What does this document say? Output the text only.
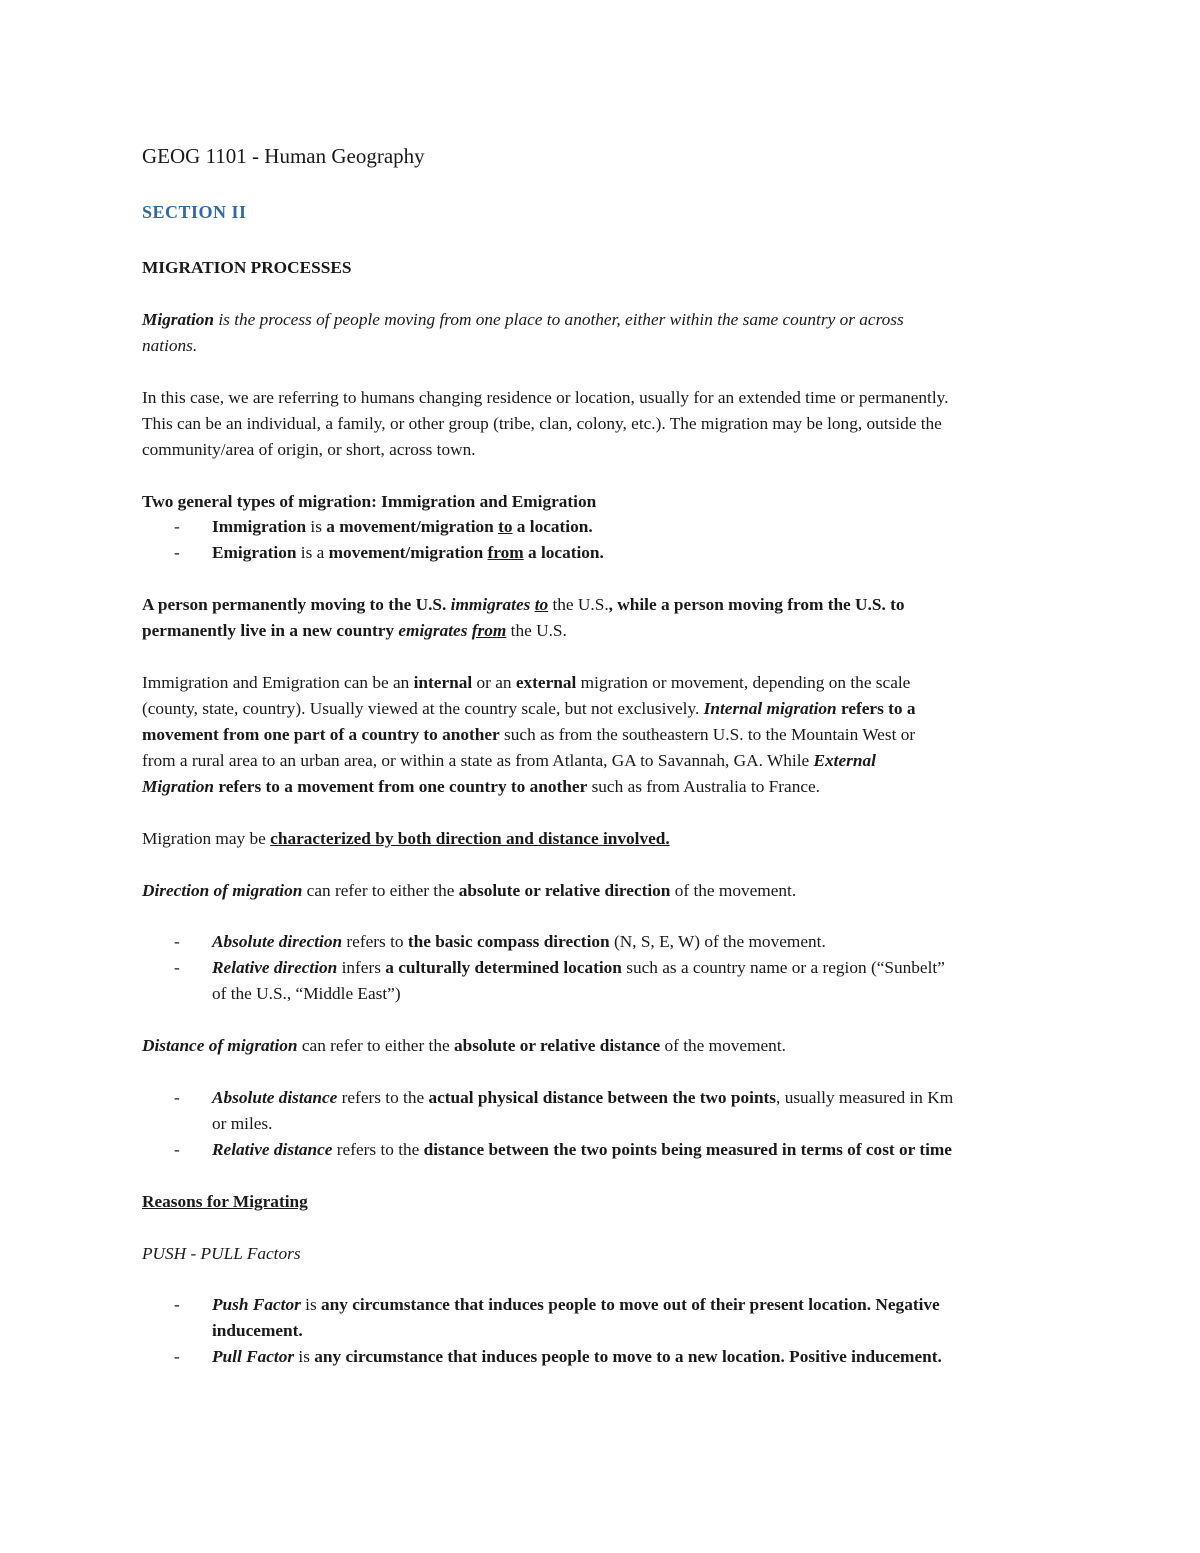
GEOG 1101 - Human Geography

SECTION II

MIGRATION PROCESSES

Migration is the process of people moving from one place to another, either within the same country or across

nations.

In this case, we are referring to humans changing residence or location, usually for an extended time or permanently.

This can be an individual, a family, or other group (tribe, clan, colony, etc.). The migration may be long, outside the

community/area of origin, or short, across town.

Two general types of migration: Immigration and Emigration

-	Immigration is a movement/migration to a location.
-	Emigration is a movement/migration from a location.

A person permanently moving to the U.S. immigrates to the U.S., while a person moving from the U.S. to

permanently live in a new country emigrates from the U.S.

Immigration and Emigration can be an internal or an external migration or movement, depending on the scale

(county, state, country). Usually viewed at the country scale, but not exclusively. Internal migration refers to a

movement from one part of a country to another such as from the southeastern U.S. to the Mountain West or

from a rural area to an urban area, or within a state as from Atlanta, GA to Savannah, GA. While External

Migration refers to a movement from one country to another such as from Australia to France.

Migration may be characterized by both direction and distance involved.

Direction of migration can refer to either the absolute or relative direction of the movement.

-	Absolute direction refers to the basic compass direction (N, S, E, W) of the movement.
-	Relative direction infers a culturally determined location such as a country name or a region (“Sunbelt”
of the U.S., “Middle East”)

Distance of migration can refer to either the absolute or relative distance of the movement.

-	Absolute distance refers to the actual physical distance between the two points, usually measured in Km
or miles.
-	Relative distance refers to the distance between the two points being measured in terms of cost or time

Reasons for Migrating

PUSH - PULL Factors

-	Push Factor is any circumstance that induces people to move out of their present location. Negative
inducement.
-	Pull Factor is any circumstance that induces people to move to a new location. Positive inducement.
